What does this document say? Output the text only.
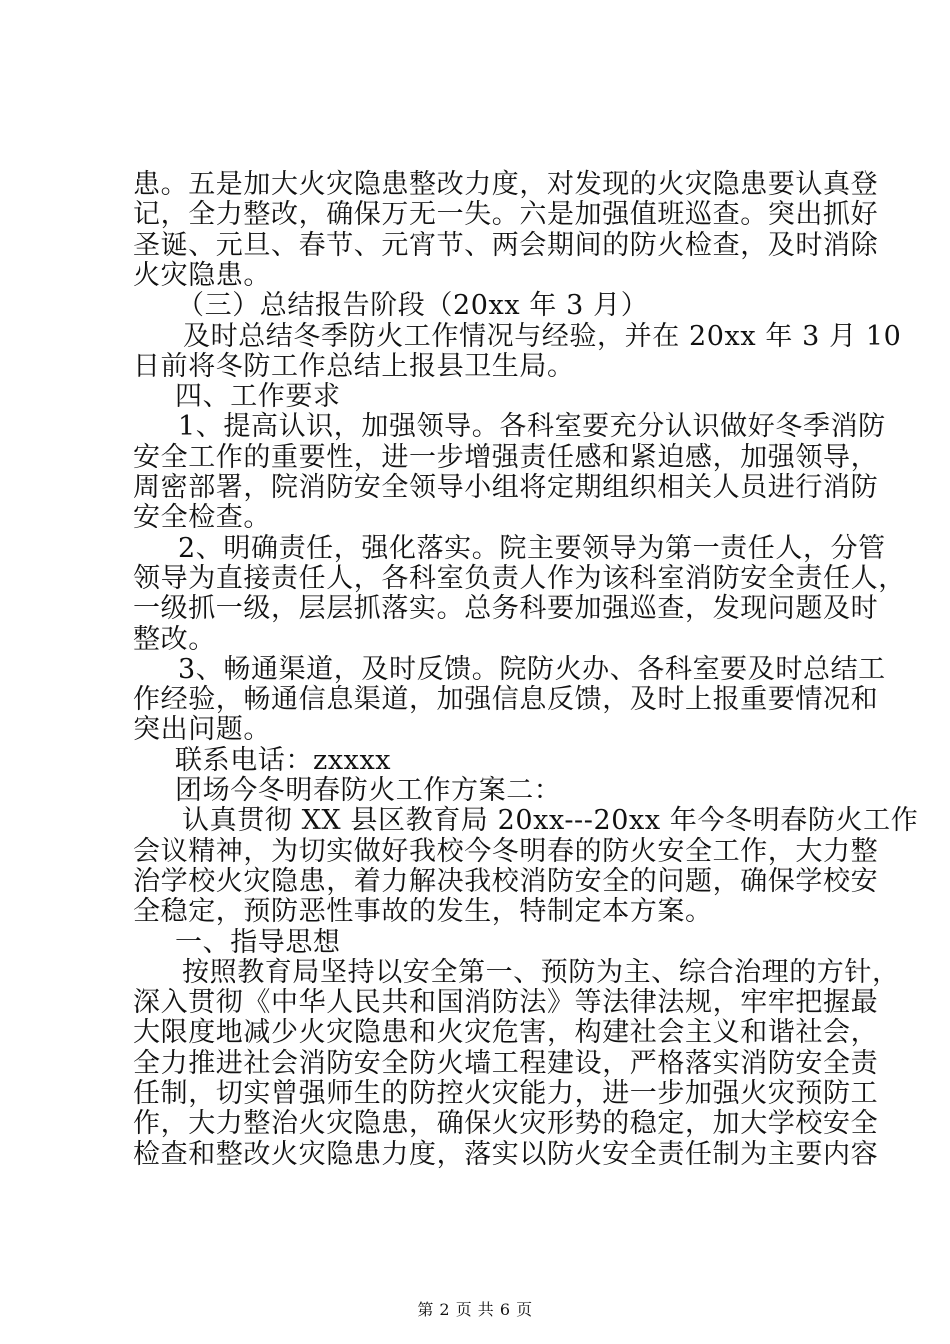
患。五是加大火灾隐患整改力度，对发现的火灾隐患要认真登
记，全力整改，确保万无一失。六是加强值班巡查。突出抓好
圣诞、元旦、春节、元宵节、两会期间的防火检查，及时消除
火灾隐患。
（三）总结报告阶段（20xx 年 3 月）
及时总结冬季防火工作情况与经验，并在 20xx 年 3 月 10
日前将冬防工作总结上报县卫生局。
四、工作要求
1、提高认识，加强领导。各科室要充分认识做好冬季消防
安全工作的重要性，进一步增强责任感和紧迫感，加强领导，
周密部署，院消防安全领导小组将定期组织相关人员进行消防
安全检查。
2、明确责任，强化落实。院主要领导为第一责任人，分管
领导为直接责任人，各科室负责人作为该科室消防安全责任人，
一级抓一级，层层抓落实。总务科要加强巡查，发现问题及时
整改。
3、畅通渠道，及时反馈。院防火办、各科室要及时总结工
作经验，畅通信息渠道，加强信息反馈，及时上报重要情况和
突出问题。
联系电话：zxxxx
团场今冬明春防火工作方案二：
认真贯彻 XX 县区教育局 20xx---20xx 年今冬明春防火工作
会议精神，为切实做好我校今冬明春的防火安全工作，大力整
治学校火灾隐患，着力解决我校消防安全的问题，确保学校安
全稳定，预防恶性事故的发生，特制定本方案。
一、指导思想
按照教育局坚持以安全第一、预防为主、综合治理的方针，
深入贯彻《中华人民共和国消防法》等法律法规，牢牢把握最
大限度地减少火灾隐患和火灾危害，构建社会主义和谐社会，
全力推进社会消防安全防火墙工程建设，严格落实消防安全责
任制，切实曾强师生的防控火灾能力，进一步加强火灾预防工
作，大力整治火灾隐患，确保火灾形势的稳定，加大学校安全
检查和整改火灾隐患力度，落实以防火安全责任制为主要内容
第 2 页 共 6 页
